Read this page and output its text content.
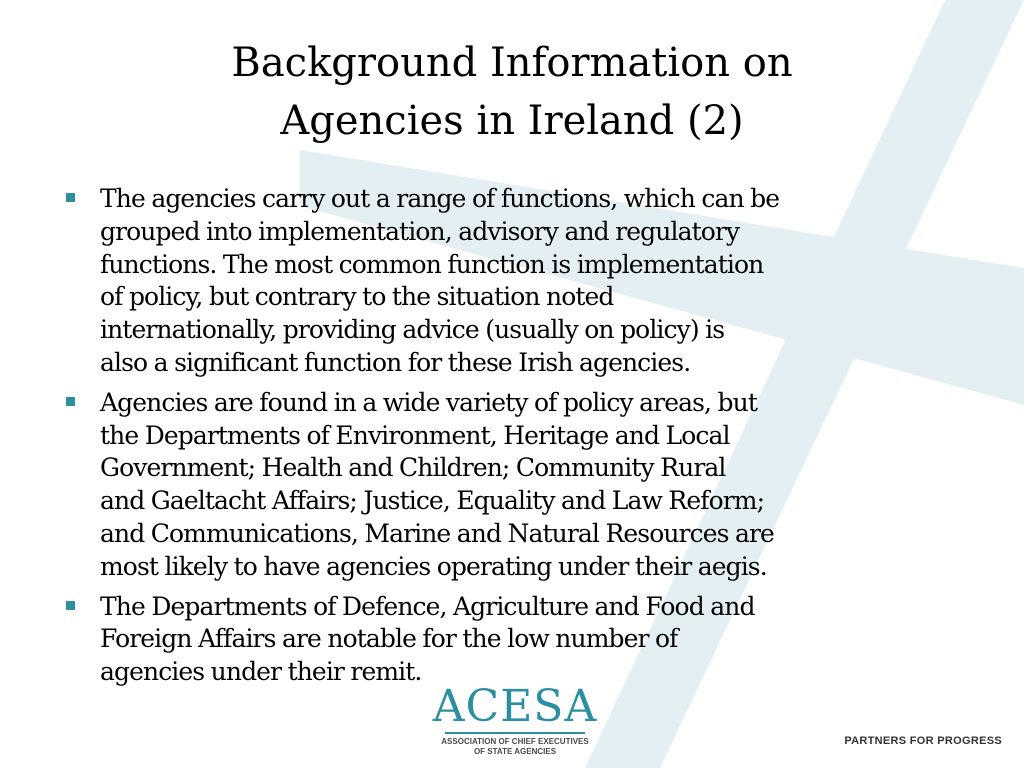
Background Information on
Agencies in Ireland (2)
The agencies carry out a range of functions, which can be
grouped into implementation, advisory and regulatory
functions. The most common function is implementation
of policy, but contrary to the situation noted
internationally, providing advice (usually on policy) is
also a significant function for these Irish agencies.
Agencies are found in a wide variety of policy areas, but
the Departments of Environment, Heritage and Local
Government; Health and Children; Community Rural
and Gaeltacht Affairs; Justice, Equality and Law Reform;
and Communications, Marine and Natural Resources are
most likely to have agencies operating under their aegis.
The Departments of Defence, Agriculture and Food and
Foreign Affairs are notable for the low number of
agencies under their remit.
ACESA
ASSOCIATION OF CHIEF EXECUTIVES
OF STATE AGENCIES
PARTNERS FOR PROGRESS
